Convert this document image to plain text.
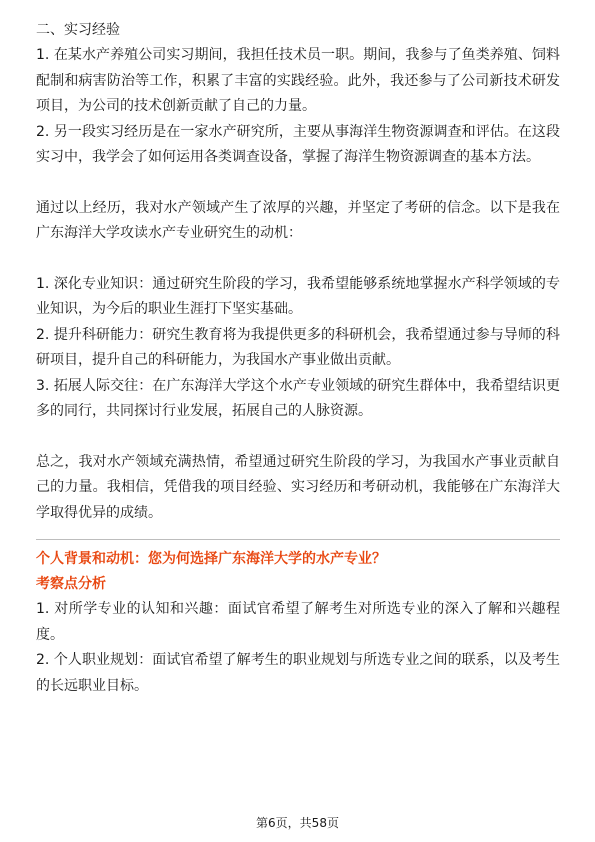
二、实习经验

1. 在某水产养殖公司实习期间，我担任技术员一职。期间，我参与了鱼类养殖、饲料配制和病害防治等工作，积累了丰富的实践经验。此外，我还参与了公司新技术研发项目，为公司的技术创新贡献了自己的力量。

2. 另一段实习经历是在一家水产研究所，主要从事海洋生物资源调查和评估。在这段实习中，我学会了如何运用各类调查设备，掌握了海洋生物资源调查的基本方法。

通过以上经历，我对水产领域产生了浓厚的兴趣，并坚定了考研的信念。以下是我在广东海洋大学攻读水产专业研究生的动机：

1. 深化专业知识：通过研究生阶段的学习，我希望能够系统地掌握水产科学领域的专业知识，为今后的职业生涯打下坚实基础。

2. 提升科研能力：研究生教育将为我提供更多的科研机会，我希望通过参与导师的科研项目，提升自己的科研能力，为我国水产事业做出贡献。

3. 拓展人际交往：在广东海洋大学这个水产专业领域的研究生群体中，我希望结识更多的同行，共同探讨行业发展，拓展自己的人脉资源。

总之，我对水产领域充满热情，希望通过研究生阶段的学习，为我国水产事业贡献自己的力量。我相信，凭借我的项目经验、实习经历和考研动机，我能够在广东海洋大学取得优异的成绩。

个人背景和动机：您为何选择广东海洋大学的水产专业？

考察点分析

1. 对所学专业的认知和兴趣：面试官希望了解考生对所选专业的深入了解和兴趣程度。

2. 个人职业规划：面试官希望了解考生的职业规划与所选专业之间的联系，以及考生的长远职业目标。

第6页，共58页
